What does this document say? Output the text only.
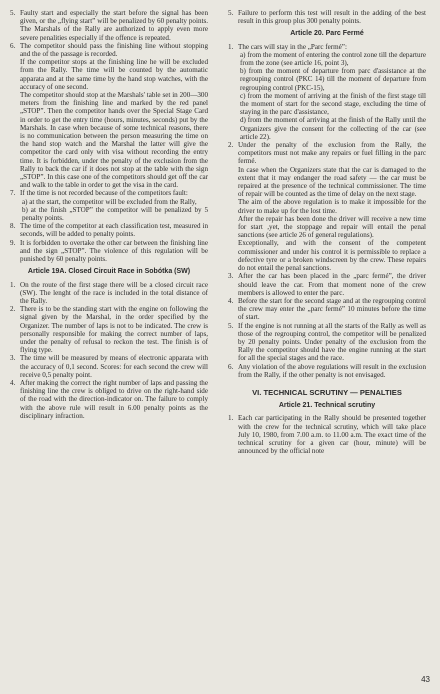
5. Faulty start and especially the start before the signal has been given, or the „flying start” will be penalized by 60 penalty points. The Marshals of the Rally are authorized to apply even more severe penalities especially if the offence is repeated.

6. The competitor should pass the finishing line without stopping and the of the passage is recorded.

If the competitor stops at the finishing line he will be excluded from the Rally. The time will be counted by the automatic apparata and at the same time by the hand stop watches, with the accuracy of one second.

The competitor should stop at the Marshals' table set in 200—300 meters from the finishing line and marked by the red panel „STOP”. Then the competitor hands over the Special Stage Card in order to get the entry time (hours, minutes, seconds) put by the Marshals. In case when because of some technical reasons, there is no communication between the person measuring the time on the hand stop watch and the Marshal the latter will give the competitor the card only with visa without recording the entry time. It is forbidden, under the penalty of the exclusion from the Rally to back the car if it does not stop at the table with the sign „STOP”. In this case one of the competitors should get off the car and walk to the table in order to get the visa in the card.

7. If the time is not recorded because of the competitors fault:

a) at the start, the competitor will be excluded from the Rally,

b) at the finish „STOP” the competitor will be penalized by 5 penalty points.

8. The time of the competitor at each classification test, measured in seconds, will be added to penalty points.

9. It is forbidden to overtake the other car between the finishing line and the sign „STOP”. The violence of this regulation will be punished by 60 penalty points.

Article 19A. Closed Circuit Race in Sobótka (SW)
1. On the route of the first stage there will be a closed circuit race (SW). The lenght of the race is included in the total distance of the Rally.

2. There is to be the standing start with the engine on following the signal given by the Marshal, in the order specified by the Organizer. The number of laps is not to be indicated. The crew is personally responsible for making the correct number of laps, under the penalty of refusal to reckon the test. The finish is of flying type.

3. The time will be measured by means of electronic apparata with the accuracy of 0,1 second. Scores: for each second the crew will receive 0,5 penalty point.

4. After making the correct the right number of laps and passing the finishing line the crew is obliged to drive on the right-hand side of the road with the direction-indicator on. The failure to comply with the above rule will result in 6.00 penalty points as the disciplinary infraction.

5. Failure to perform this test will result in the adding of the best result in this group plus 300 penalty points.

Article 20. Parc Fermé
1. The cars will stay in the „Parc fermé”:

a) from the moment of entering the control zone till the departure from the zone (see article 16, point 3),

b) from the moment of departure from parc d'assistance at the regrouping control (PKC 14) till the moment of departure from regrouping control (PKC-15),

c) from the moment of arriving at the finish of the first stage till the moment of start for the second stage, excluding the time of staying in the parc d'assistance,

d) from the moment of arriving at the finish of the Rally until the Organizers give the consent for the collecting of the car (see article 22).

2. Under the penalty of the exclusion from the Rally, the competitors must not make any repairs or fuel filling in the parc fermé.

In case when the Organizers state that the car is damaged to the extent that it may endanger the road safety — the car must be repaired at the presence of the technical commissioner. The time of repair will be counted as the time of delay on the next stage.

The aim of the above regulation is to make it impossible for the driver to make up for the lost time.

After the repair has been done the driver will receive a new time for start ,yet, the stoppage and repair will entail the penal sanctions (see article 26 of general regulations).

Exceptionally, and with the consent of the competent commissioner and under his control it is permissible to replace a defective tyre or a broken windscreen by the crew. These repairs do not entail the penal sanctions.

3. After the car has been placed in the „parc fermé”, the driver should leave the car. From that moment none of the crew members is allowed to enter the parc.

4. Before the start for the second stage and at the regrouping control the crew may enter the „parc fermé” 10 minutes before the time of start.

5. If the engine is not running at all the starts of the Rally as well as those of the regrouping control, the competitor will be penalized by 20 penalty points. Under penalty of the exclusion from the Rally the competitor should have the engine running at the start for all the special stages and the race.

6. Any violation of the above regulations will result in the exclusion from the Rally, if the other penalty is not envisaged.

VI. TECHNICAL SCRUTINY — PENALTIES
Article 21. Technical scrutiny
1. Each car participating in the Rally should be presented together with the crew for the technical scrutiny, which will take place July 10, 1980, from 7.00 a.m. to 11.00 a.m. The exact time of the technical scrutiny for a given car (hour, minute) will be announced by the official note

43
